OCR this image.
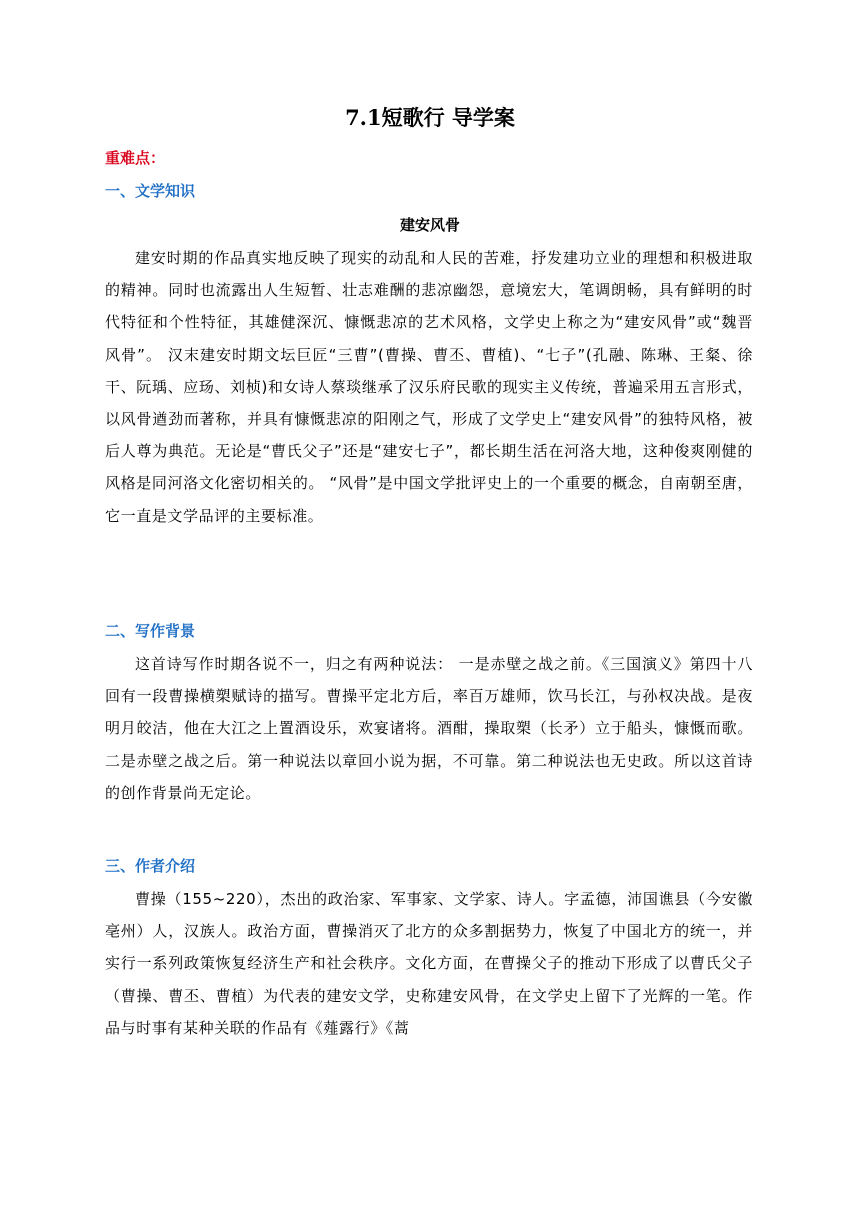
7.1短歌行 导学案

重难点：

一、文学知识
建安风骨

建安时期的作品真实地反映了现实的动乱和人民的苦难，抒发建功立业的理想和积极进取的精神。同时也流露出人生短暂、壮志难酬的悲凉幽怨，意境宏大，笔调朗畅，具有鲜明的时代特征和个性特征，其雄健深沉、慷慨悲凉的艺术风格，文学史上称之为“建安风骨”或“魏晋风骨”。 汉末建安时期文坛巨匠“三曹”(曹操、曹丕、曹植)、“七子”(孔融、陈琳、王粲、徐干、阮瑀、应玚、刘桢)和女诗人蔡琰继承了汉乐府民歌的现实主义传统，普遍采用五言形式，以风骨遒劲而著称，并具有慷慨悲凉的阳刚之气，形成了文学史上“建安风骨”的独特风格，被后人尊为典范。无论是“曹氏父子”还是“建安七子”，都长期生活在河洛大地，这种俊爽刚健的风格是同河洛文化密切相关的。 “风骨”是中国文学批评史上的一个重要的概念，自南朝至唐，它一直是文学品评的主要标准。

二、写作背景

这首诗写作时期各说不一，归之有两种说法： 一是赤壁之战之前。《三国演义》第四十八回有一段曹操横槊赋诗的描写。曹操平定北方后，率百万雄师，饮马长江，与孙权决战。是夜明月皎洁，他在大江之上置酒设乐，欢宴诸将。酒酣，操取槊（长矛）立于船头，慷慨而歌。二是赤壁之战之后。第一种说法以章回小说为据，不可靠。第二种说法也无史政。所以这首诗的创作背景尚无定论。

三、作者介绍

曹操（155~220），杰出的政治家、军事家、文学家、诗人。字孟德，沛国谯县（今安徽亳州）人，汉族人。政治方面，曹操消灭了北方的众多割据势力，恢复了中国北方的统一，并实行一系列政策恢复经济生产和社会秩序。文化方面，在曹操父子的推动下形成了以曹氏父子（曹操、曹丕、曹植）为代表的建安文学，史称建安风骨，在文学史上留下了光辉的一笔。作品与时事有某种关联的作品有《薤露行》《蒿
